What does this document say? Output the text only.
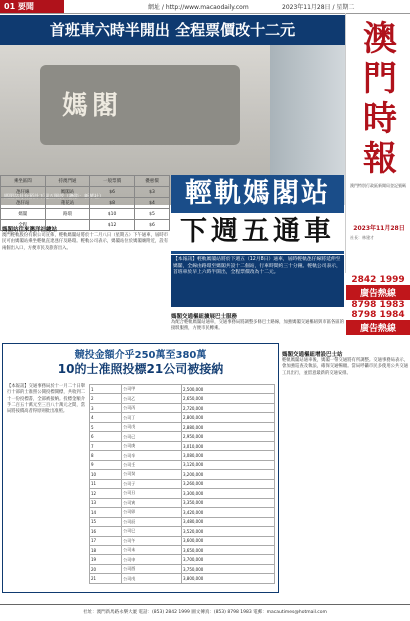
01 要聞	網址 / http://www.macaodaily.com	2023年11月28日 / 星期二
首班車六時半開出 全程票價改十二元
媽閣
媽閣站月台預計下週五開放（攝影：新華社）
澳門時報
澳門特別行政區新聞局登記號碼
2023年11月28日
社長：林建才
2842 1999
廣告熱線
8798 1983
8798 1984
廣告熱線
乘坐區間	持澳門通	一般票價	優惠價
氹仔線	媽閣站	$6	$3
氹仔站	蓮花站	$8	$4
媽閣	路環	$10	$5
全程		$12	$6
輕軌媽閣站
下週五通車
【本報訊】輕軌媽閣站將於下週五（12月8日）通車，屆時輕軌氹仔線將延伸至媽閣，全線由路環至媽閣共設十二個站，行車時間約三十分鐘。輕軌公司表示，首班車於早上六時半開出，全程票價改為十二元。
媽閣站往來澳洋社總站
澳門輕軌股份有限公司宣佈，輕軌媽閣站將於十二月八日（星期五）下午通車，屆時市民可由媽閣站乘坐輕軌直達氹仔及路環。輕軌公司表示，媽閣站位於媽閣廟附近，設有兩個出入口，方便市民及旅客出入。
媽閣交通樞紐擴展巴士服務
為配合輕軌媽閣站通車，交通事務局將調整多條巴士路線，加強媽閣交通樞紐與市區各區的接駁服務，方便市民轉乘。
媽閣交通樞紐增設巴士站
輕軌媽閣站通車後，媽閣一帶交通將有所調整。交通事務局表示，會加強巡查及執法，確保交通暢順。當局呼籲市民多使用公共交通工具出行，並留意最新的交通安排。
競投金額介乎250萬至380萬
10的士准照投標21公司被接納
【本報訊】交通事務局於十一月二十日舉行十部的士准照公開投標開標，共收到二十一份投標書，全部被接納。投標金額介乎二百五十萬元至三百八十萬元之間，當局將按價高者得原則批出准照。
1	公司甲	2,500,000
2	公司乙	2,650,000
3	公司丙	2,720,000
4	公司丁	2,800,000
5	公司戊	2,880,000
6	公司己	2,950,000
7	公司庚	3,010,000
8	公司辛	3,080,000
9	公司壬	3,120,000
10	公司癸	3,200,000
11	公司子	3,260,000
12	公司丑	3,300,000
13	公司寅	3,350,000
14	公司卯	3,420,000
15	公司辰	3,480,000
16	公司巳	3,520,000
17	公司午	3,600,000
18	公司未	3,650,000
19	公司申	3,700,000
20	公司酉	3,750,000
21	公司戌	3,800,000
社址：澳門新馬路永樂大廈 電話：(853) 2842 1999 圖文傳真：(853) 8798 1983 電郵：macautimes@hotmail.com
